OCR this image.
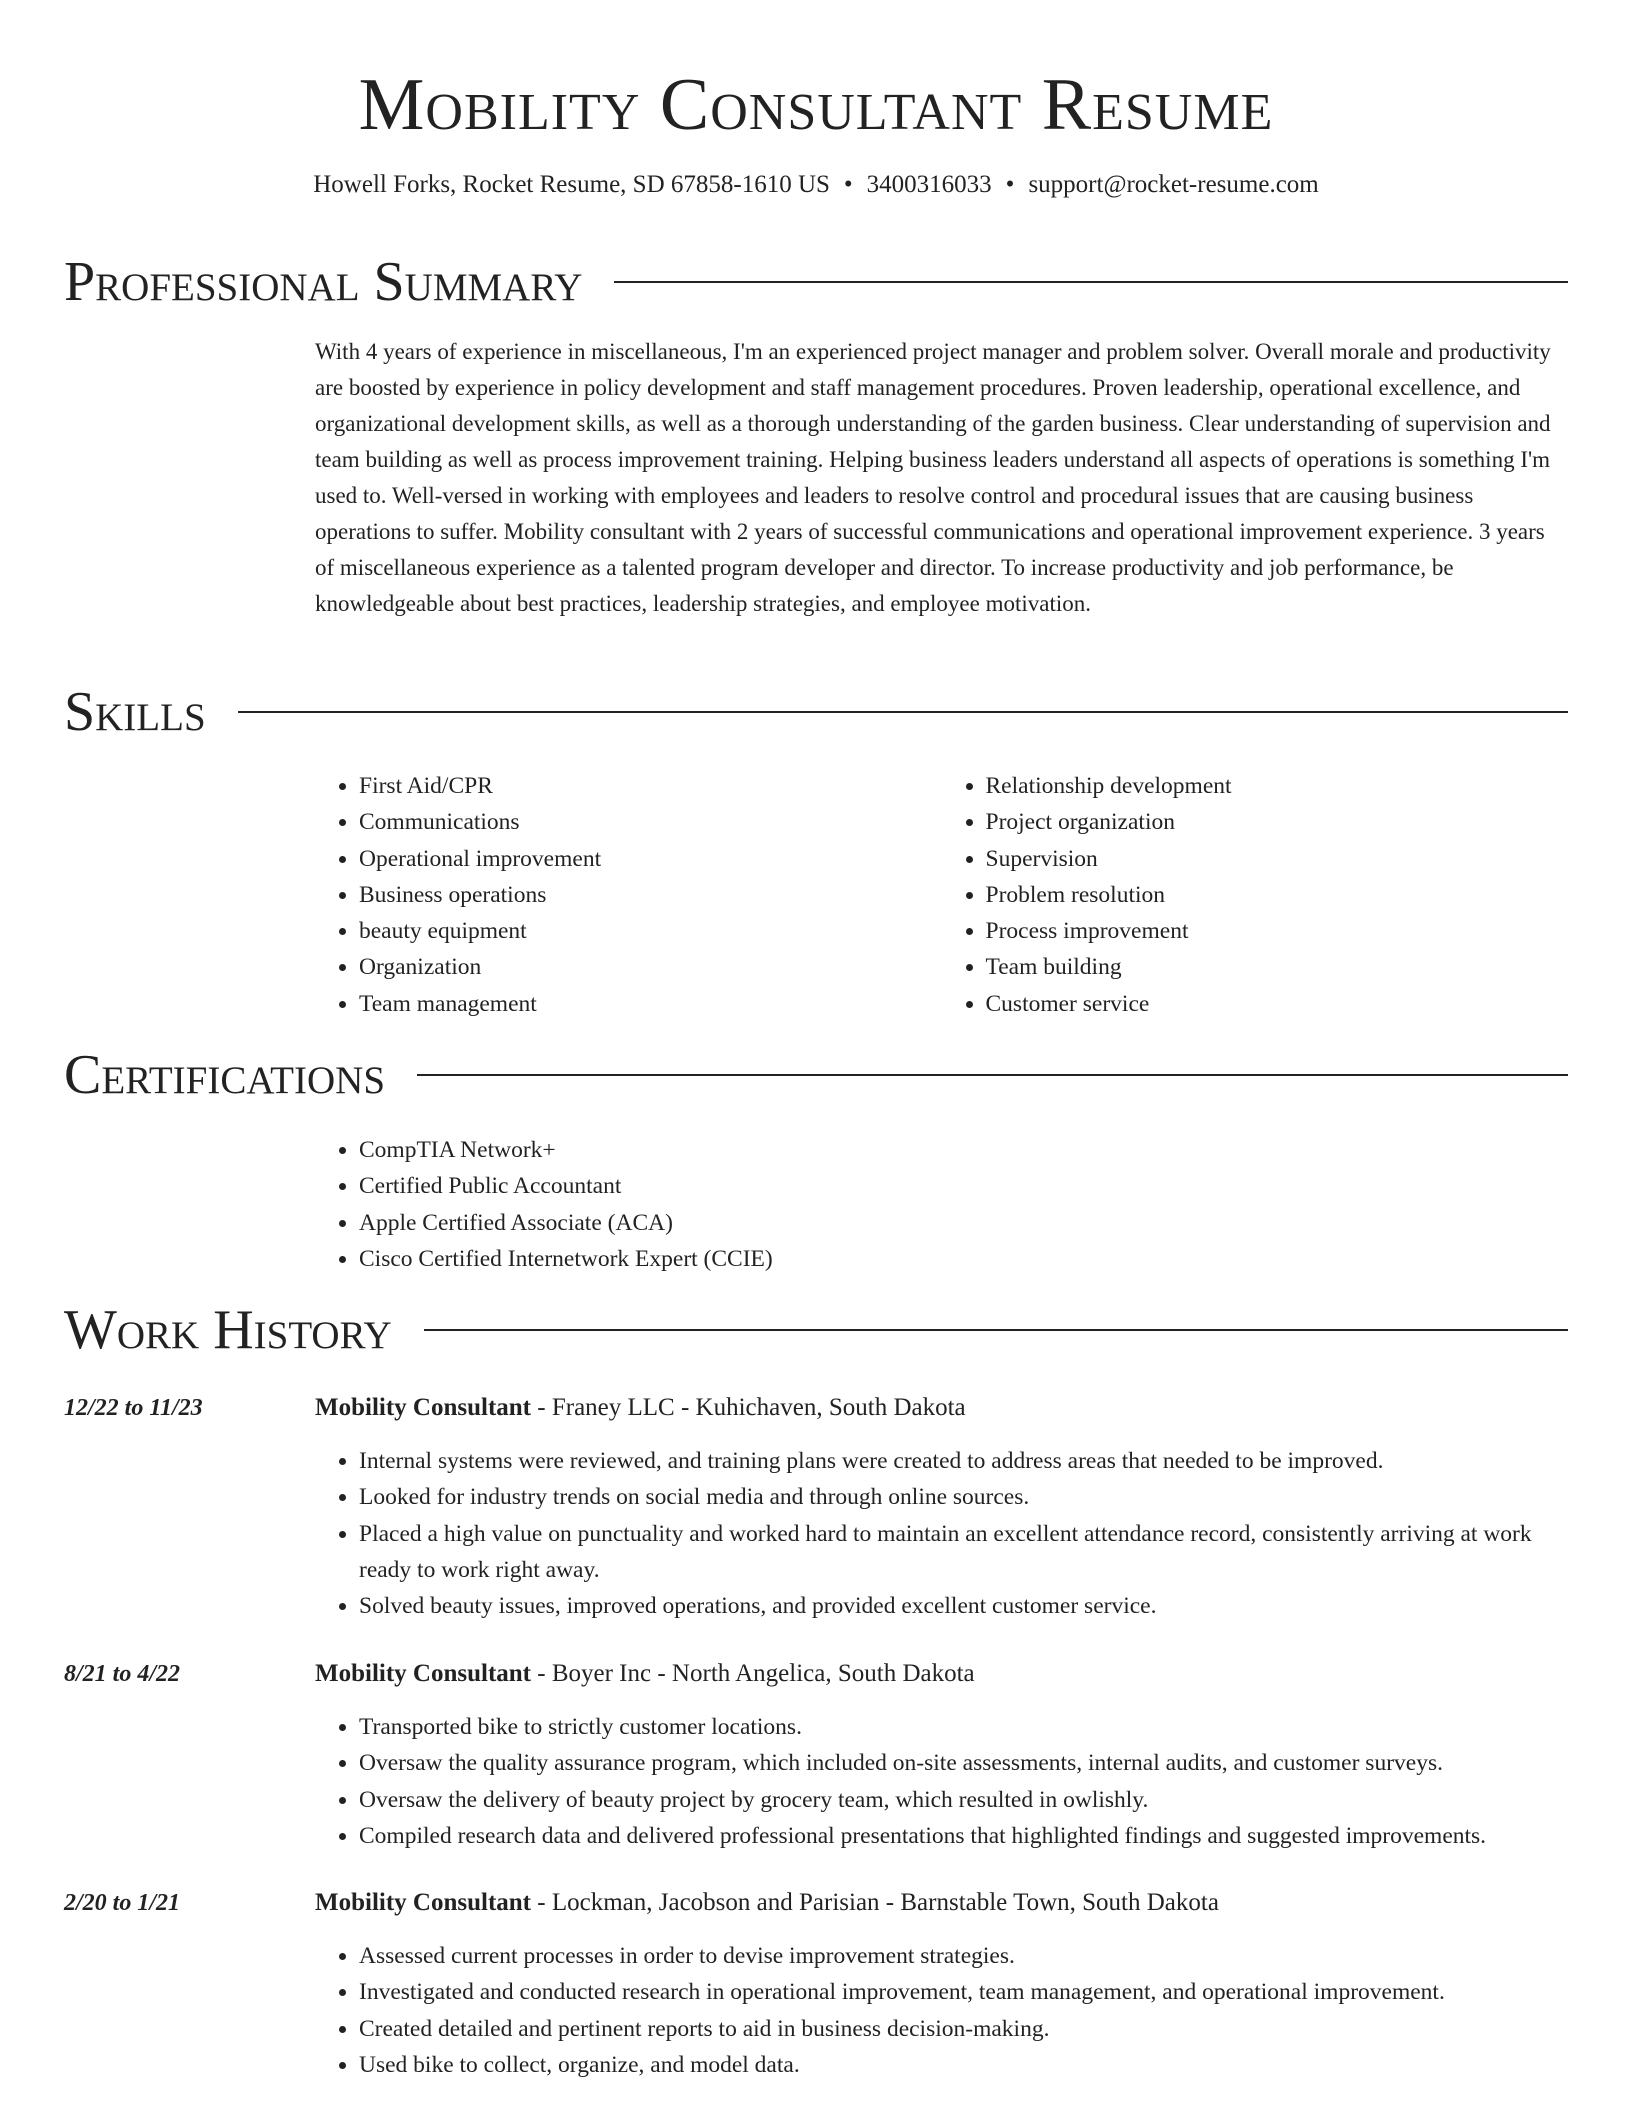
Mobility Consultant Resume
Howell Forks, Rocket Resume, SD 67858-1610 US • 3400316033 • support@rocket-resume.com
Professional Summary

With 4 years of experience in miscellaneous, I'm an experienced project manager and problem solver. Overall morale and productivity are boosted by experience in policy development and staff management procedures. Proven leadership, operational excellence, and organizational development skills, as well as a thorough understanding of the garden business. Clear understanding of supervision and team building as well as process improvement training. Helping business leaders understand all aspects of operations is something I'm used to. Well-versed in working with employees and leaders to resolve control and procedural issues that are causing business operations to suffer. Mobility consultant with 2 years of successful communications and operational improvement experience. 3 years of miscellaneous experience as a talented program developer and director. To increase productivity and job performance, be knowledgeable about best practices, leadership strategies, and employee motivation.

Skills
• First Aid/CPR
• Communications
• Operational improvement
• Business operations
• beauty equipment
• Organization
• Team management
• Relationship development
• Project organization
• Supervision
• Problem resolution
• Process improvement
• Team building
• Customer service
Certifications
• CompTIA Network+
• Certified Public Accountant
• Apple Certified Associate (ACA)
• Cisco Certified Internetwork Expert (CCIE)
Work History
12/22 to 11/23	Mobility Consultant - Franey LLC - Kuhichaven, South Dakota
• Internal systems were reviewed, and training plans were created to address areas that needed to be improved.
• Looked for industry trends on social media and through online sources.
• Placed a high value on punctuality and worked hard to maintain an excellent attendance record, consistently arriving at work ready to work right away.
• Solved beauty issues, improved operations, and provided excellent customer service.
8/21 to 4/22	Mobility Consultant - Boyer Inc - North Angelica, South Dakota
• Transported bike to strictly customer locations.
• Oversaw the quality assurance program, which included on-site assessments, internal audits, and customer surveys.
• Oversaw the delivery of beauty project by grocery team, which resulted in owlishly.
• Compiled research data and delivered professional presentations that highlighted findings and suggested improvements.
2/20 to 1/21	Mobility Consultant - Lockman, Jacobson and Parisian - Barnstable Town, South Dakota
• Assessed current processes in order to devise improvement strategies.
• Investigated and conducted research in operational improvement, team management, and operational improvement.
• Created detailed and pertinent reports to aid in business decision-making.
• Used bike to collect, organize, and model data.
